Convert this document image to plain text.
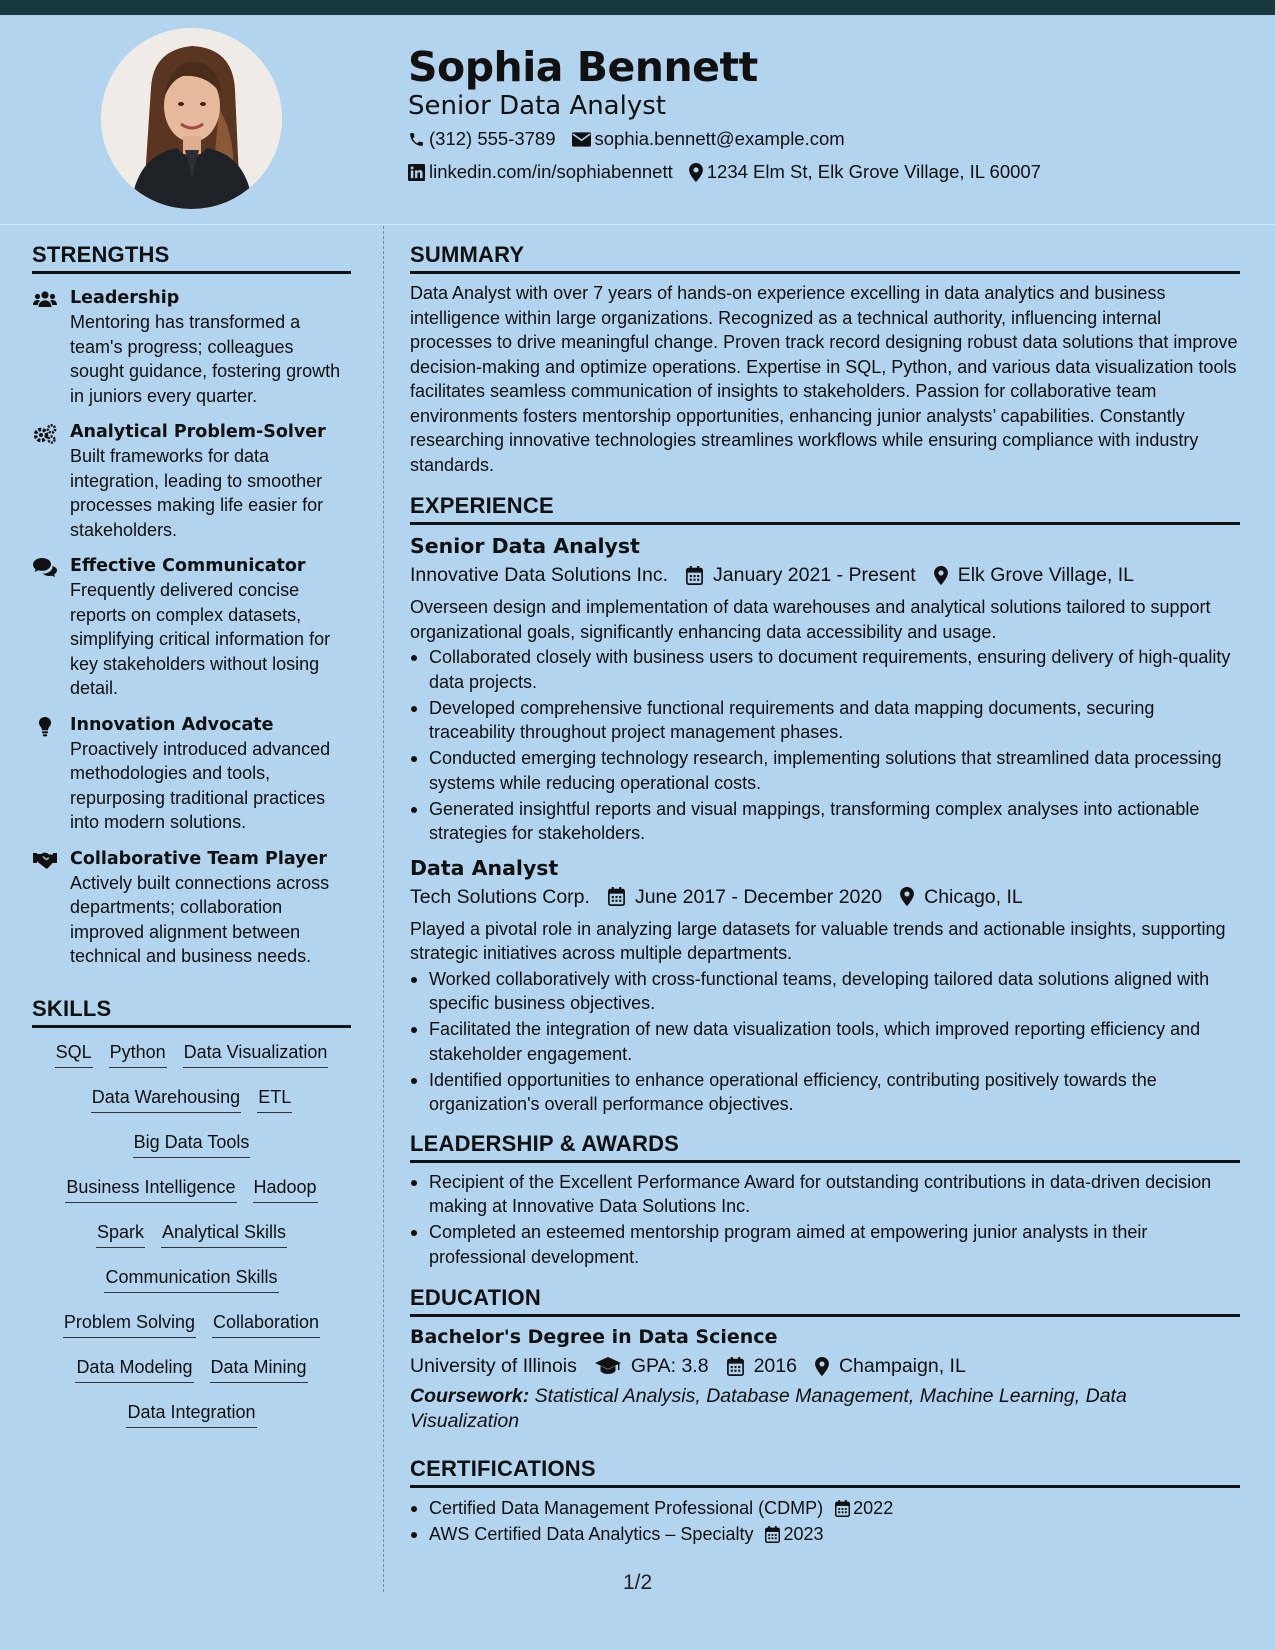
Sophia Bennett
Senior Data Analyst
(312) 555-3789 sophia.bennett@example.com
linkedin.com/in/sophiabennett 1234 Elm St, Elk Grove Village, IL 60007
STRENGTHS
Leadership
Mentoring has transformed a team's progress; colleagues sought guidance, fostering growth in juniors every quarter.
Analytical Problem-Solver
Built frameworks for data integration, leading to smoother processes making life easier for stakeholders.
Effective Communicator
Frequently delivered concise reports on complex datasets, simplifying critical information for key stakeholders without losing detail.
Innovation Advocate
Proactively introduced advanced methodologies and tools, repurposing traditional practices into modern solutions.
Collaborative Team Player
Actively built connections across departments; collaboration improved alignment between technical and business needs.
SKILLS
SQL Python Data Visualization
Data Warehousing ETL
Big Data Tools
Business Intelligence Hadoop
Spark Analytical Skills
Communication Skills
Problem Solving Collaboration
Data Modeling Data Mining
Data Integration
SUMMARY
Data Analyst with over 7 years of hands-on experience excelling in data analytics and business intelligence within large organizations. Recognized as a technical authority, influencing internal processes to drive meaningful change. Proven track record designing robust data solutions that improve decision-making and optimize operations. Expertise in SQL, Python, and various data visualization tools facilitates seamless communication of insights to stakeholders. Passion for collaborative team environments fosters mentorship opportunities, enhancing junior analysts’ capabilities. Constantly researching innovative technologies streamlines workflows while ensuring compliance with industry standards.
EXPERIENCE
Senior Data Analyst
Innovative Data Solutions Inc. January 2021 - Present Elk Grove Village, IL
Overseen design and implementation of data warehouses and analytical solutions tailored to support organizational goals, significantly enhancing data accessibility and usage.
Collaborated closely with business users to document requirements, ensuring delivery of high-quality data projects.
Developed comprehensive functional requirements and data mapping documents, securing traceability throughout project management phases.
Conducted emerging technology research, implementing solutions that streamlined data processing systems while reducing operational costs.
Generated insightful reports and visual mappings, transforming complex analyses into actionable strategies for stakeholders.
Data Analyst
Tech Solutions Corp. June 2017 - December 2020 Chicago, IL
Played a pivotal role in analyzing large datasets for valuable trends and actionable insights, supporting strategic initiatives across multiple departments.
Worked collaboratively with cross-functional teams, developing tailored data solutions aligned with specific business objectives.
Facilitated the integration of new data visualization tools, which improved reporting efficiency and stakeholder engagement.
Identified opportunities to enhance operational efficiency, contributing positively towards the organization's overall performance objectives.
LEADERSHIP & AWARDS
Recipient of the Excellent Performance Award for outstanding contributions in data-driven decision making at Innovative Data Solutions Inc.
Completed an esteemed mentorship program aimed at empowering junior analysts in their professional development.
EDUCATION
Bachelor's Degree in Data Science
University of Illinois	GPA: 3.8 2016 Champaign, IL
Coursework: Statistical Analysis, Database Management, Machine Learning, Data Visualization
CERTIFICATIONS
Certified Data Management Professional (CDMP) 2022
AWS Certified Data Analytics – Specialty 2023
1/2
